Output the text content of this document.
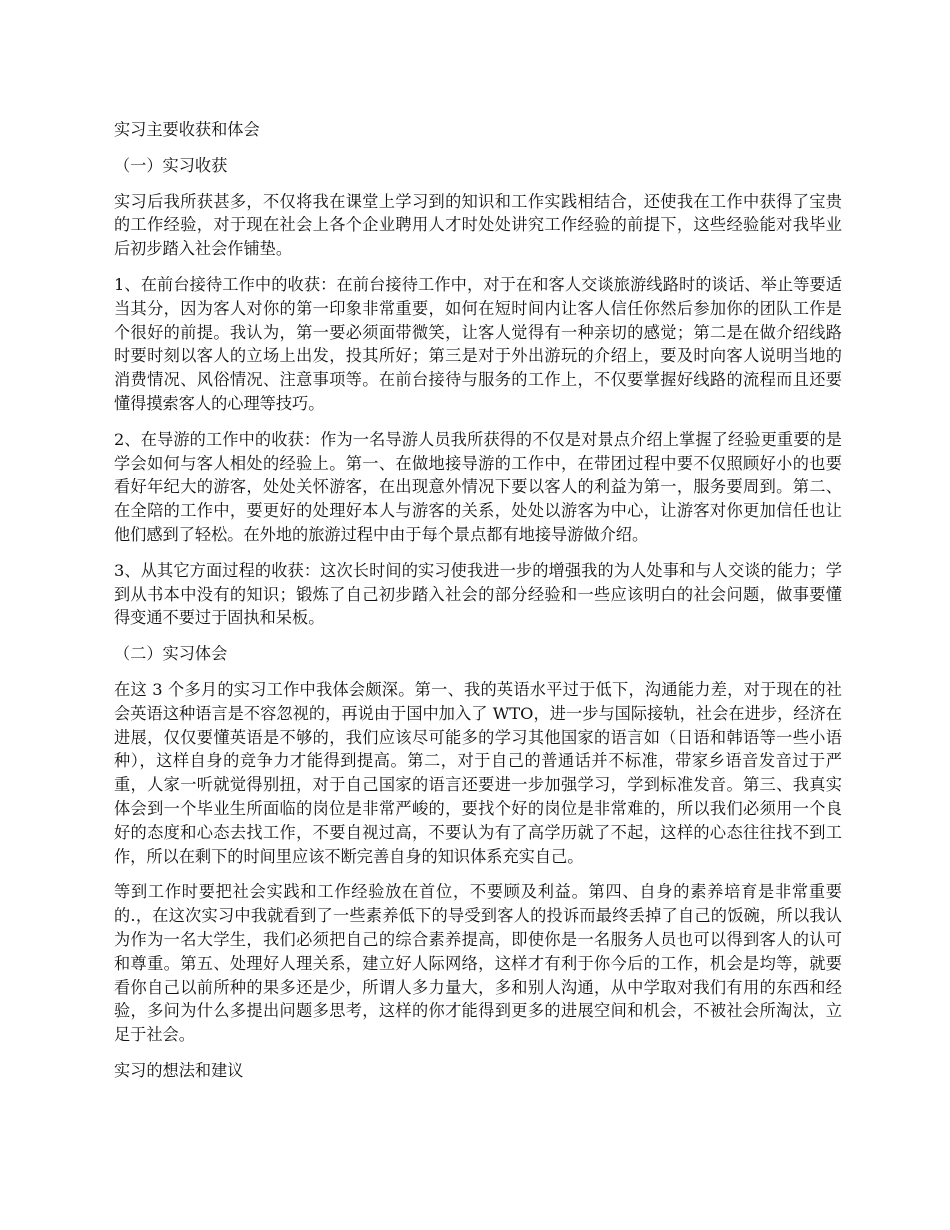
实习主要收获和体会
（一）实习收获
实习后我所获甚多，不仅将我在课堂上学习到的知识和工作实践相结合，还使我在工作中获得了宝贵的工作经验，对于现在社会上各个企业聘用人才时处处讲究工作经验的前提下，这些经验能对我毕业后初步踏入社会作铺垫。
1、在前台接待工作中的收获：在前台接待工作中，对于在和客人交谈旅游线路时的谈话、举止等要适当其分，因为客人对你的第一印象非常重要，如何在短时间内让客人信任你然后参加你的团队工作是个很好的前提。我认为，第一要必须面带微笑，让客人觉得有一种亲切的感觉；第二是在做介绍线路时要时刻以客人的立场上出发，投其所好；第三是对于外出游玩的介绍上，要及时向客人说明当地的消费情况、风俗情况、注意事项等。在前台接待与服务的工作上，不仅要掌握好线路的流程而且还要懂得摸索客人的心理等技巧。
2、在导游的工作中的收获：作为一名导游人员我所获得的不仅是对景点介绍上掌握了经验更重要的是学会如何与客人相处的经验上。第一、在做地接导游的工作中，在带团过程中要不仅照顾好小的也要看好年纪大的游客，处处关怀游客，在出现意外情况下要以客人的利益为第一，服务要周到。第二、在全陪的工作中，要更好的处理好本人与游客的关系，处处以游客为中心，让游客对你更加信任也让他们感到了轻松。在外地的旅游过程中由于每个景点都有地接导游做介绍。
3、从其它方面过程的收获：这次长时间的实习使我进一步的增强我的为人处事和与人交谈的能力；学到从书本中没有的知识；锻炼了自己初步踏入社会的部分经验和一些应该明白的社会问题，做事要懂得变通不要过于固执和呆板。
（二）实习体会
在这 3 个多月的实习工作中我体会颇深。第一、我的英语水平过于低下，沟通能力差，对于现在的社会英语这种语言是不容忽视的，再说由于国中加入了 WTO，进一步与国际接轨，社会在进步，经济在进展，仅仅要懂英语是不够的，我们应该尽可能多的学习其他国家的语言如（日语和韩语等一些小语种），这样自身的竞争力才能得到提高。第二，对于自己的普通话并不标准，带家乡语音发音过于严重，人家一听就觉得别扭，对于自己国家的语言还要进一步加强学习，学到标准发音。第三、我真实体会到一个毕业生所面临的岗位是非常严峻的，要找个好的岗位是非常难的，所以我们必须用一个良好的态度和心态去找工作，不要自视过高，不要认为有了高学历就了不起，这样的心态往往找不到工作，所以在剩下的时间里应该不断完善自身的知识体系充实自己。
等到工作时要把社会实践和工作经验放在首位，不要顾及利益。第四、自身的素养培育是非常重要的.，在这次实习中我就看到了一些素养低下的导受到客人的投诉而最终丢掉了自己的饭碗，所以我认为作为一名大学生，我们必须把自己的综合素养提高，即使你是一名服务人员也可以得到客人的认可和尊重。第五、处理好人理关系，建立好人际网络，这样才有利于你今后的工作，机会是均等，就要看你自己以前所种的果多还是少，所谓人多力量大，多和别人沟通，从中学取对我们有用的东西和经验，多问为什么多提出问题多思考，这样的你才能得到更多的进展空间和机会，不被社会所淘汰，立足于社会。
实习的想法和建议
